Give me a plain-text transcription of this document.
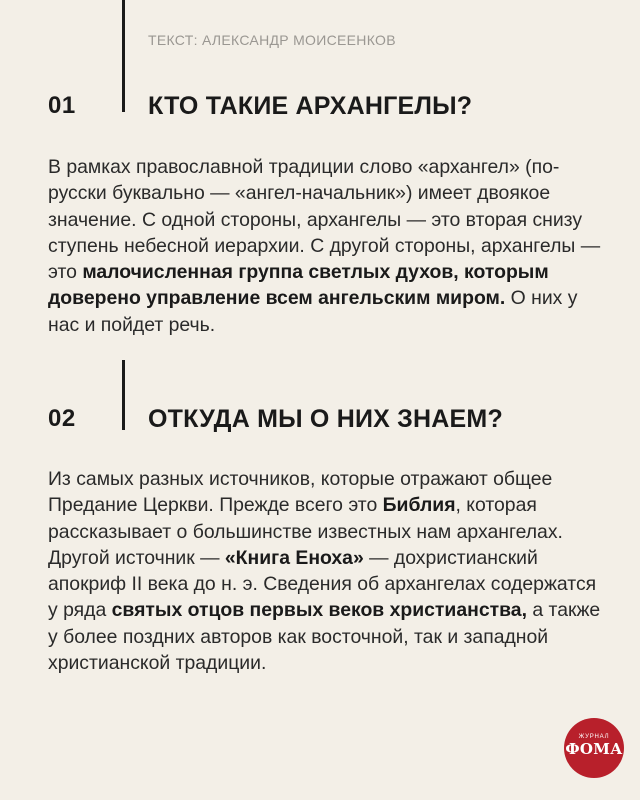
ТЕКСТ: АЛЕКСАНДР МОИСЕЕНКОВ
01	КТО ТАКИЕ АРХАНГЕЛЫ?

В рамках православной традиции слово «архангел» (по-русски буквально — «ангел-начальник») имеет двоякое значение. С одной стороны, архангелы — это вторая снизу ступень небесной иерархии. С другой стороны, архангелы — это малочисленная группа светлых духов, которым доверено управление всем ангельским миром. О них у нас и пойдет речь.

02	ОТКУДА МЫ О НИХ ЗНАЕМ?

Из самых разных источников, которые отражают общее Предание Церкви. Прежде всего это Библия, которая рассказывает о большинстве известных нам архангелах. Другой источник — «Книга Еноха» — дохристианский апокриф II века до н. э. Сведения об архангелах содержатся у ряда святых отцов первых веков христианства, а также у более поздних авторов как восточной, так и западной христианской традиции.

ЖУРНАЛ
ФОМА
